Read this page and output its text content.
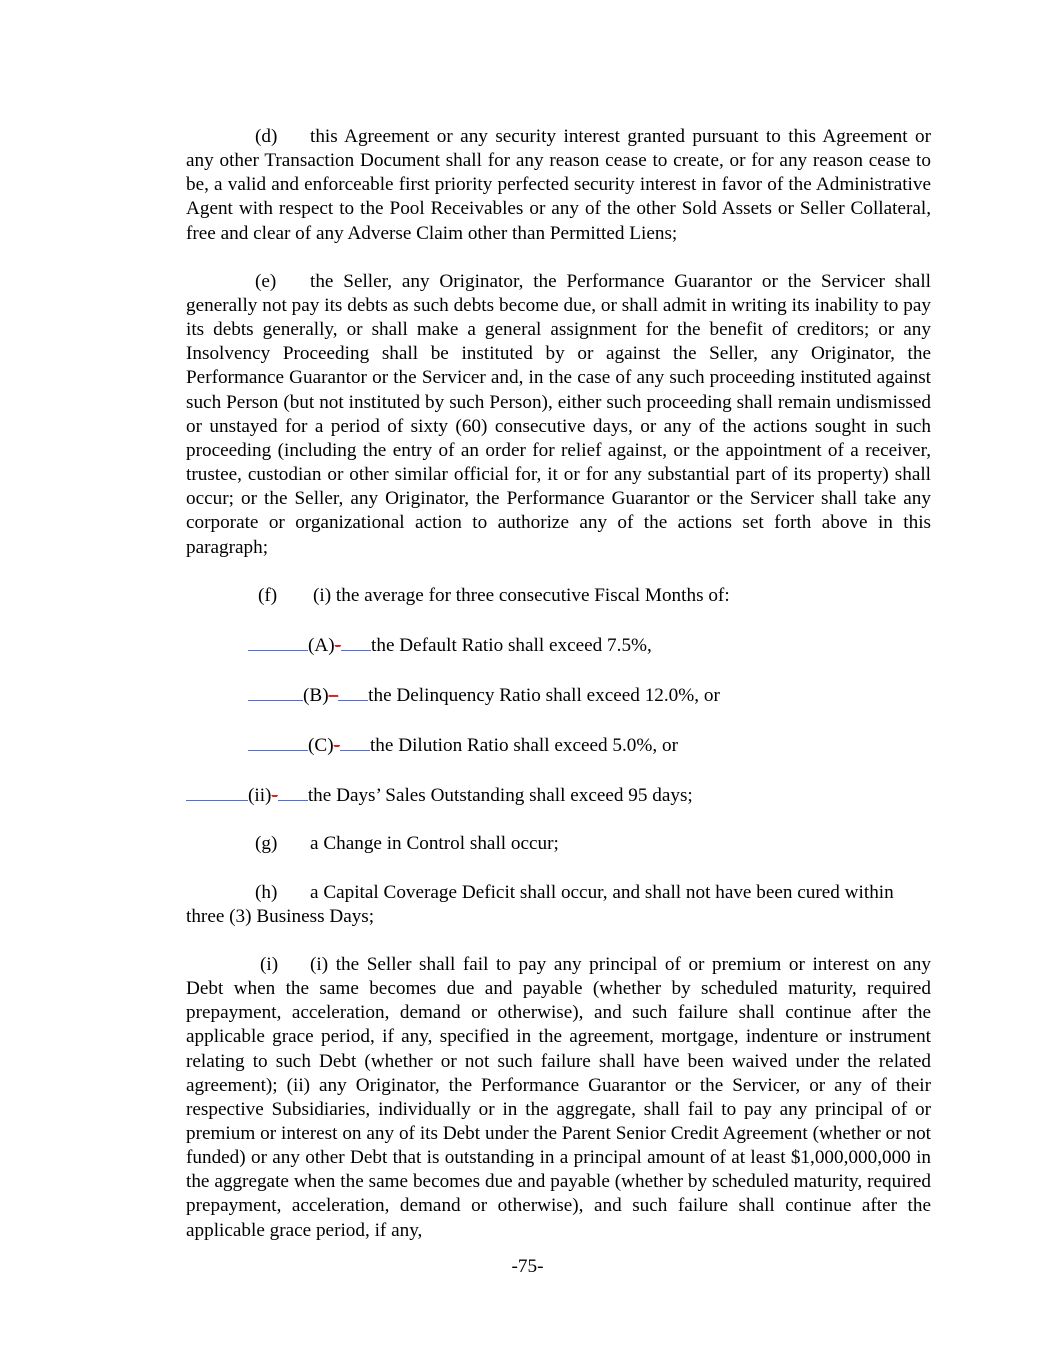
(d) this Agreement or any security interest granted pursuant to this Agreement or any other Transaction Document shall for any reason cease to create, or for any reason cease to be, a valid and enforceable first priority perfected security interest in favor of the Administrative Agent with respect to the Pool Receivables or any of the other Sold Assets or Seller Collateral, free and clear of any Adverse Claim other than Permitted Liens;

(e) the Seller, any Originator, the Performance Guarantor or the Servicer shall generally not pay its debts as such debts become due, or shall admit in writing its inability to pay its debts generally, or shall make a general assignment for the benefit of creditors; or any Insolvency Proceeding shall be instituted by or against the Seller, any Originator, the Performance Guarantor or the Servicer and, in the case of any such proceeding instituted against such Person (but not instituted by such Person), either such proceeding shall remain undismissed or unstayed for a period of sixty (60) consecutive days, or any of the actions sought in such proceeding (including the entry of an order for relief against, or the appointment of a receiver, trustee, custodian or other similar official for, it or for any substantial part of its property) shall occur; or the Seller, any Originator, the Performance Guarantor or the Servicer shall take any corporate or organizational action to authorize any of the actions set forth above in this paragraph;

(f) (i) the average for three consecutive Fiscal Months of:

(A)- the Default Ratio shall exceed 7.5%,
(B)– the Delinquency Ratio shall exceed 12.0%, or
(C)- the Dilution Ratio shall exceed 5.0%, or
(ii)- the Days’ Sales Outstanding shall exceed 95 days;

(g) a Change in Control shall occur;

(h) a Capital Coverage Deficit shall occur, and shall not have been cured within three (3) Business Days;

(i) (i) the Seller shall fail to pay any principal of or premium or interest on any Debt when the same becomes due and payable (whether by scheduled maturity, required prepayment, acceleration, demand or otherwise), and such failure shall continue after the applicable grace period, if any, specified in the agreement, mortgage, indenture or instrument relating to such Debt (whether or not such failure shall have been waived under the related agreement); (ii) any Originator, the Performance Guarantor or the Servicer, or any of their respective Subsidiaries, individually or in the aggregate, shall fail to pay any principal of or premium or interest on any of its Debt under the Parent Senior Credit Agreement (whether or not funded) or any other Debt that is outstanding in a principal amount of at least $1,000,000,000 in the aggregate when the same becomes due and payable (whether by scheduled maturity, required prepayment, acceleration, demand or otherwise), and such failure shall continue after the applicable grace period, if any,

-75-
